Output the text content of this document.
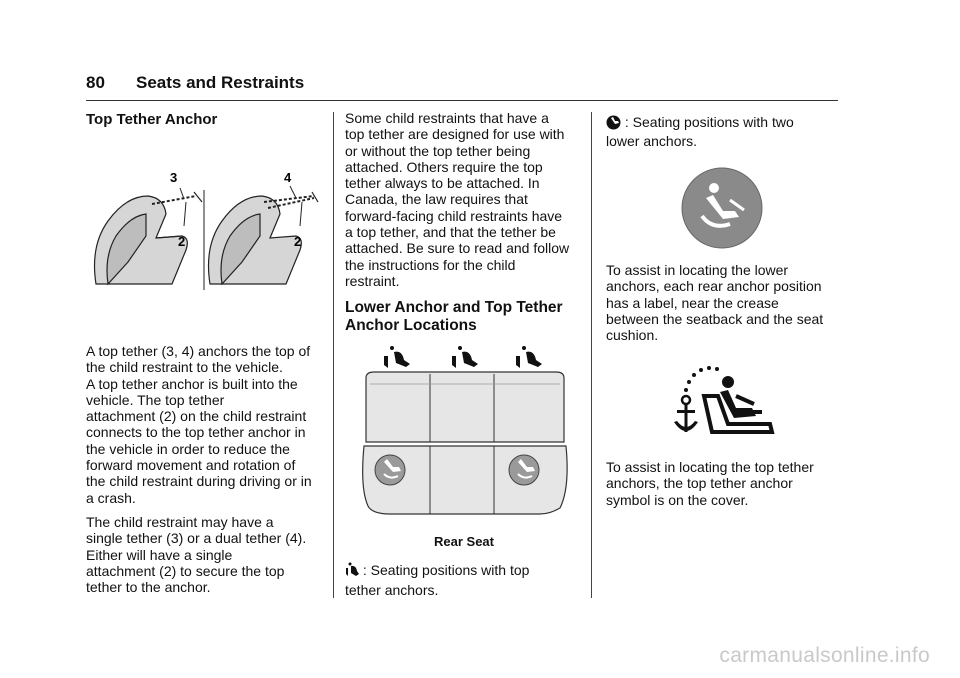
80 Seats and Restraints
Top Tether Anchor
3
2
4
2

A top tether (3, 4) anchors the top of
the child restraint to the vehicle.
A top tether anchor is built into the
vehicle. The top tether
attachment (2) on the child restraint
connects to the top tether anchor in
the vehicle in order to reduce the
forward movement and rotation of
the child restraint during driving or in
a crash.

The child restraint may have a
single tether (3) or a dual tether (4).
Either will have a single
attachment (2) to secure the top
tether to the anchor.

Some child restraints that have a
top tether are designed for use with
or without the top tether being
attached. Others require the top
tether always to be attached. In
Canada, the law requires that
forward-facing child restraints have
a top tether, and that the tether be
attached. Be sure to read and follow
the instructions for the child
restraint.

Lower Anchor and Top Tether
Anchor Locations
Rear Seat
: Seating positions with top
tether anchors.
: Seating positions with two
lower anchors.

To assist in locating the lower
anchors, each rear anchor position
has a label, near the crease
between the seatback and the seat
cushion.

To assist in locating the top tether
anchors, the top tether anchor
symbol is on the cover.

carmanualsonline.info
